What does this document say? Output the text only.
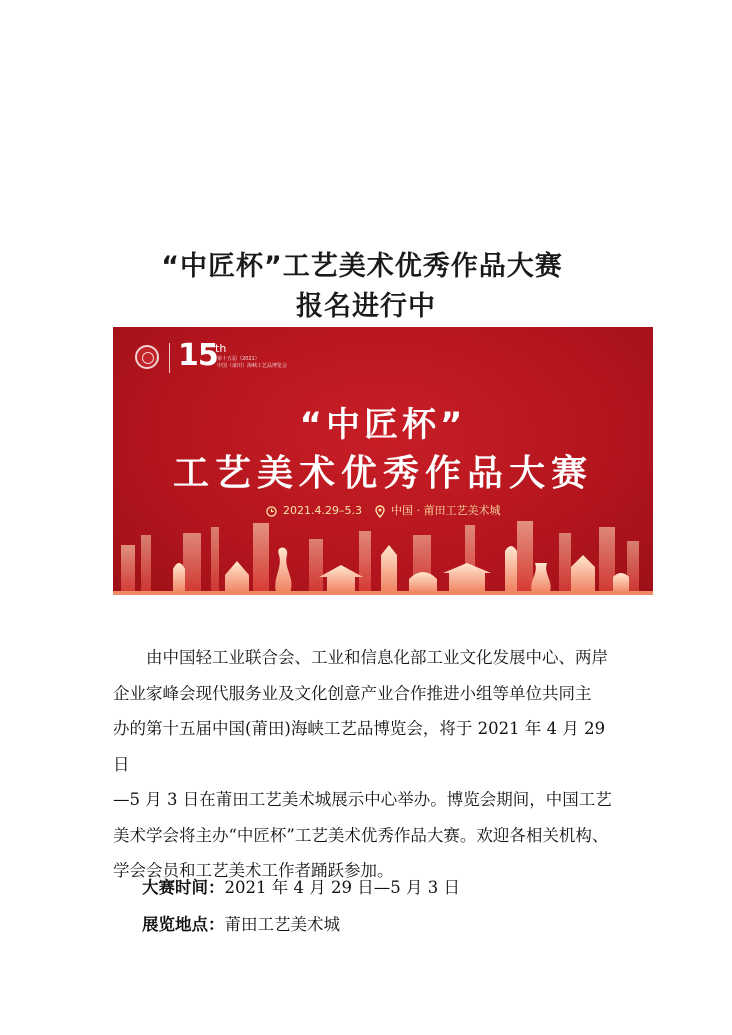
“中匠杯”工艺美术优秀作品大赛
报名进行中
15
th
第十五届（2021）
中国（莆田）海峡工艺品博览会
“中匠杯”
工艺美术优秀作品大赛
2021.4.29–5.3	中国 · 莆田工艺美术城

由中国轻工业联合会、工业和信息化部工业文化发展中心、两岸

企业家峰会现代服务业及文化创意产业合作推进小组等单位共同主

办的第十五届中国(莆田)海峡工艺品博览会，将于 2021 年 4 月 29 日

—5 月 3 日在莆田工艺美术城展示中心举办。博览会期间，中国工艺

美术学会将主办“中匠杯”工艺美术优秀作品大赛。欢迎各相关机构、

学会会员和工艺美术工作者踊跃参加。

大赛时间：2021 年 4 月 29 日—5 月 3 日
展览地点：莆田工艺美术城
